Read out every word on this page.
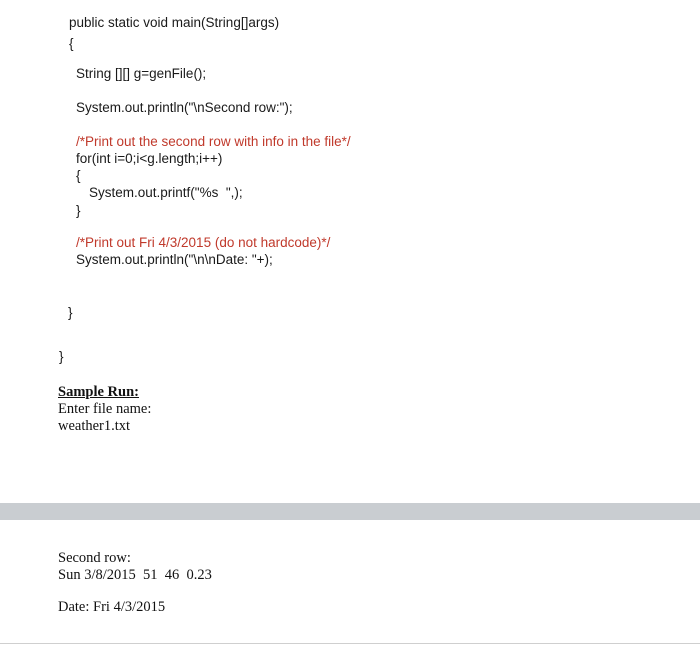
public static void main(String[]args)
{
String [][] g=genFile();
System.out.println("\nSecond row:");
/*Print out the second row with info in the file*/
for(int i=0;i<g.length;i++)
{
System.out.printf("%s  ",);
}
/*Print out Fri 4/3/2015 (do not hardcode)*/
System.out.println("\n\nDate: "+);
}
}
Sample Run:
Enter file name:
weather1.txt
Second row:
Sun 3/8/2015  51  46  0.23
Date: Fri 4/3/2015
